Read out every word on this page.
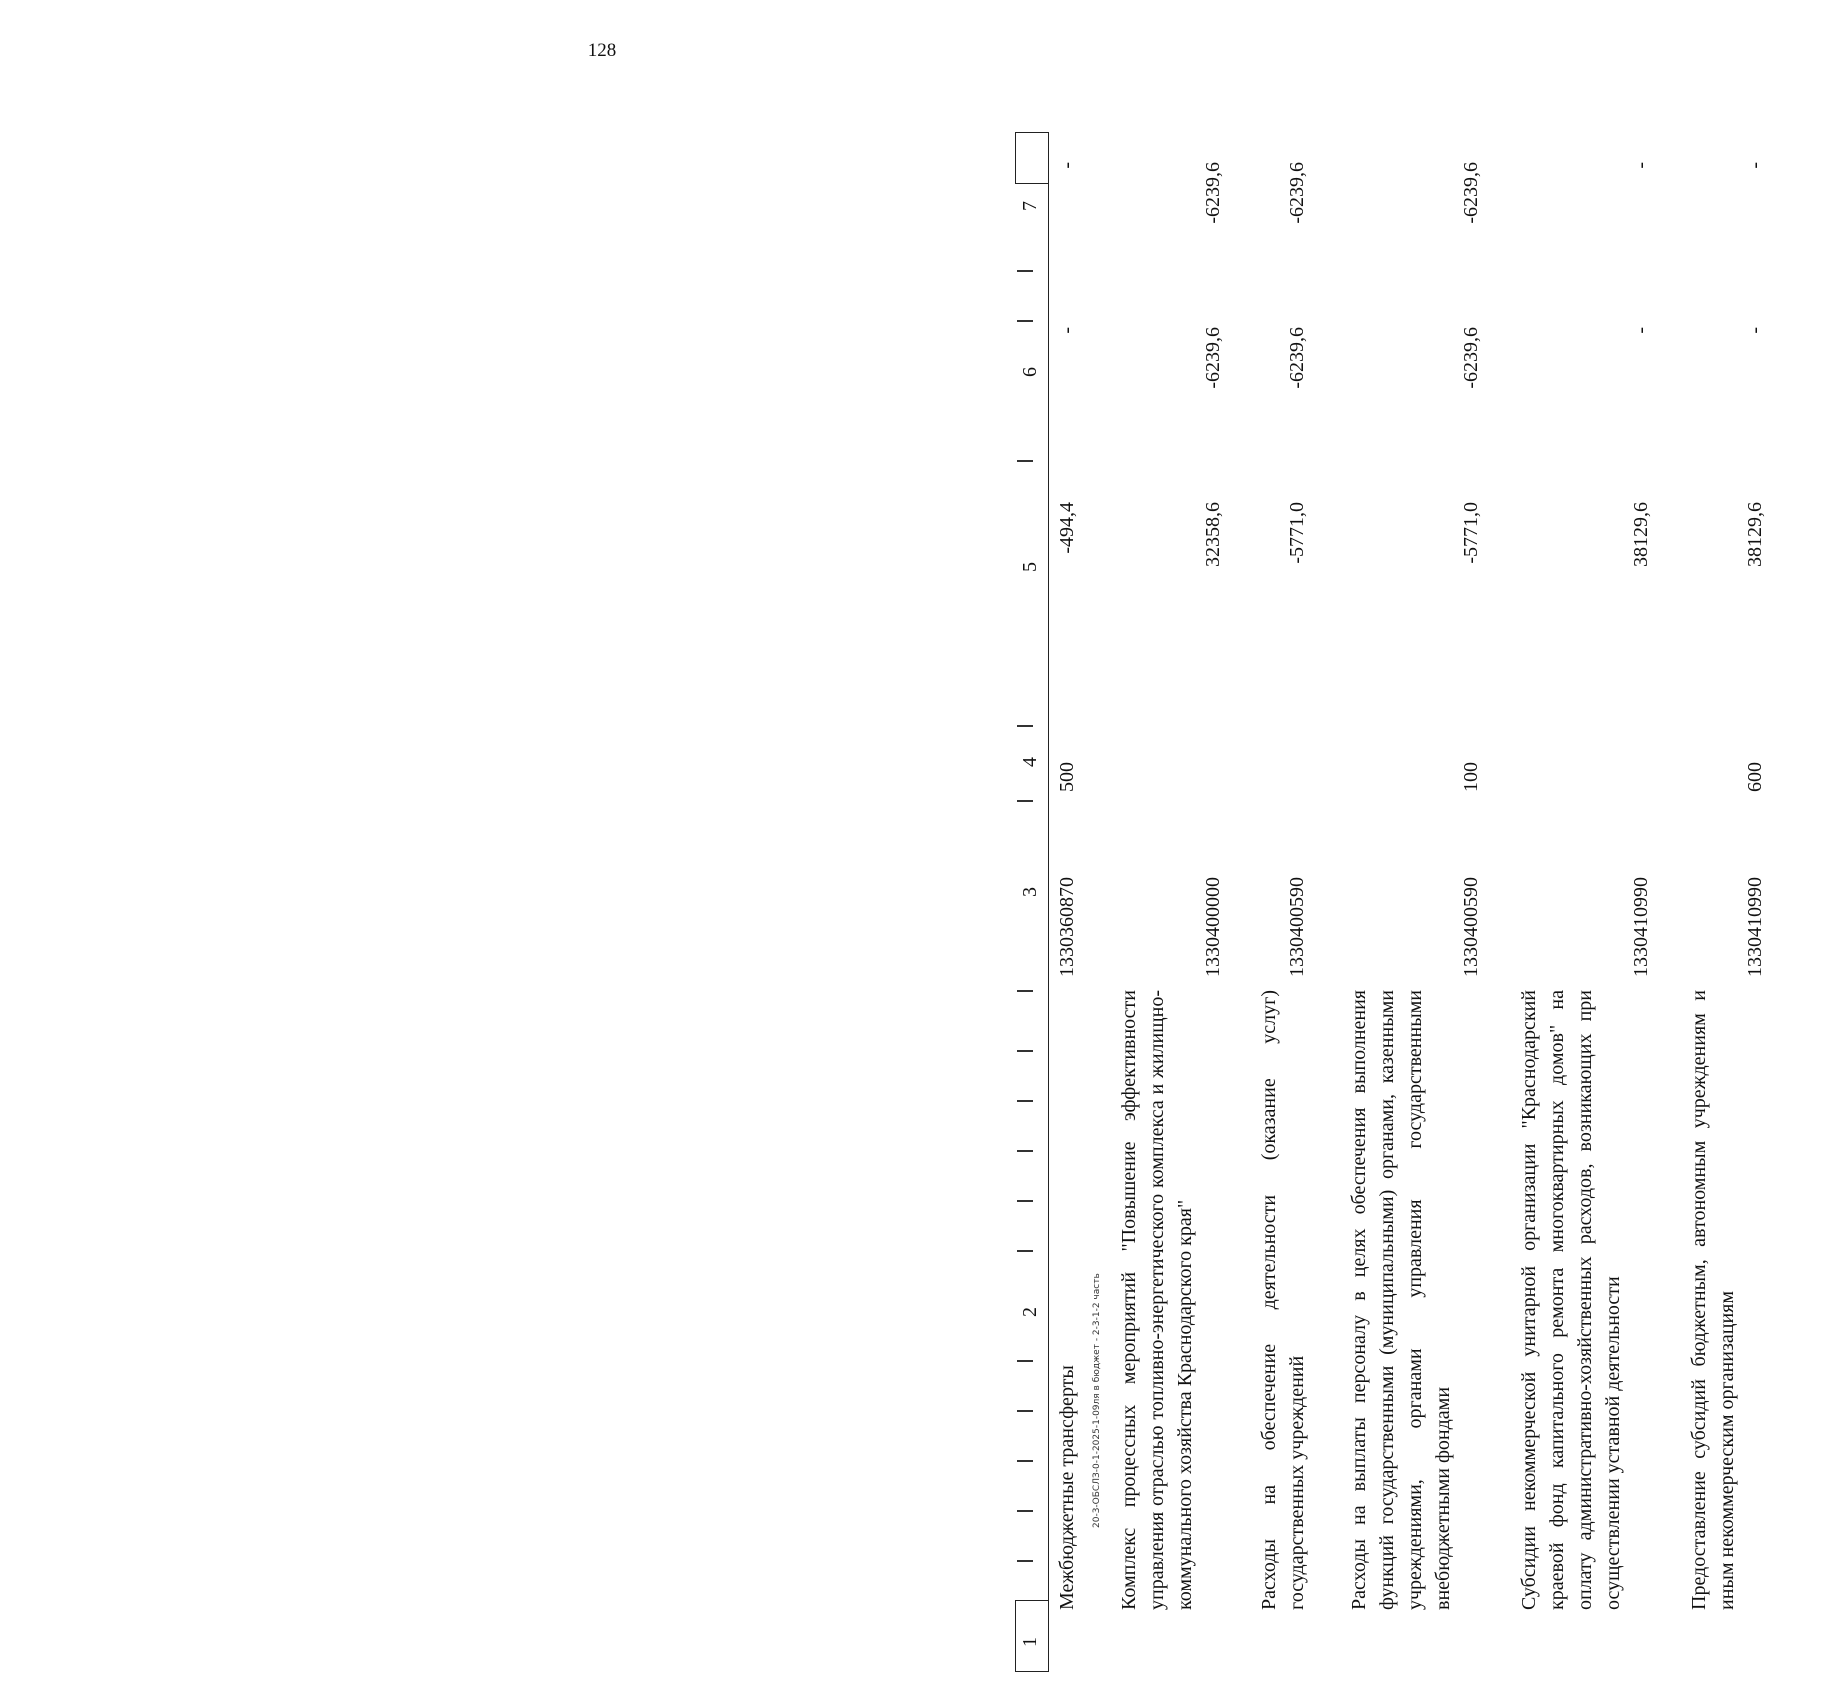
128
1
2
3
4
5
6
7
Межбюджетные трансферты
1330360870
500
-494,4
-
-
Комплекс процессных мероприятий "Повышение эффективности управления отраслью топливно-энергетического комплекса и жилищно-коммунального хозяйства Краснодарского края"
1330400000
32358,6
-6239,6
-6239,6
Расходы на обеспечение деятельности (оказание услуг) государственных учреждений
1330400590
-5771,0
-6239,6
-6239,6
Расходы на выплаты персоналу в целях обеспечения выполнения функций государственными (муниципальными) органами, казенными учреждениями, органами управления государственными внебюджетными фондами
1330400590
100
-5771,0
-6239,6
-6239,6
Субсидии некоммерческой унитарной организации "Краснодарский краевой фонд капитального ремонта многоквартирных домов" на оплату административно-хозяйственных расходов, возникающих при осуществлении уставной деятельности
1330410990
38129,6
-
-
Предоставление субсидий бюджетным, автономным учреждениям и иным некоммерческим организациям
1330410990
600
38129,6
-
-
20-3-ОБСЛЗ-0-1-2025-1-09ля в бюджет - 2-3-1-2 часть
